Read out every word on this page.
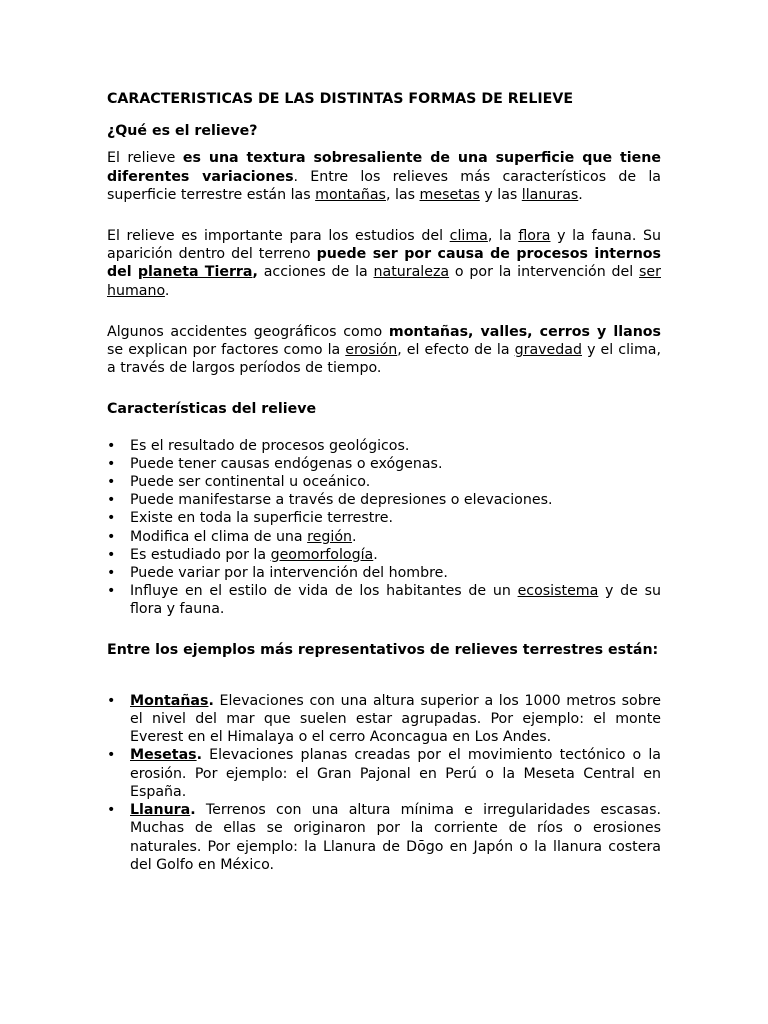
CARACTERISTICAS DE LAS DISTINTAS FORMAS DE RELIEVE
¿Qué es el relieve?

El relieve es una textura sobresaliente de una superficie que tiene diferentes variaciones. Entre los relieves más característicos de la superficie terrestre están las montañas, las mesetas y las llanuras.

El relieve es importante para los estudios del clima, la flora y la fauna. Su aparición dentro del terreno puede ser por causa de procesos internos del planeta Tierra, acciones de la naturaleza o por la intervención del ser humano.

Algunos accidentes geográficos como montañas, valles, cerros y llanos se explican por factores como la erosión, el efecto de la gravedad y el clima, a través de largos períodos de tiempo.

Características del relieve
• Es el resultado de procesos geológicos.
• Puede tener causas endógenas o exógenas.
• Puede ser continental u oceánico.
• Puede manifestarse a través de depresiones o elevaciones.
• Existe en toda la superficie terrestre.
• Modifica el clima de una región.
• Es estudiado por la geomorfología.
• Puede variar por la intervención del hombre.
• Influye en el estilo de vida de los habitantes de un ecosistema y de su flora y fauna.

Entre los ejemplos más representativos de relieves terrestres están:

• Montañas. Elevaciones con una altura superior a los 1000 metros sobre el nivel del mar que suelen estar agrupadas. Por ejemplo: el monte Everest en el Himalaya o el cerro Aconcagua en Los Andes.
• Mesetas. Elevaciones planas creadas por el movimiento tectónico o la erosión. Por ejemplo: el Gran Pajonal en Perú o la Meseta Central en España.
• Llanura. Terrenos con una altura mínima e irregularidades escasas. Muchas de ellas se originaron por la corriente de ríos o erosiones naturales. Por ejemplo: la Llanura de Dōgo en Japón o la llanura costera del Golfo en México.
